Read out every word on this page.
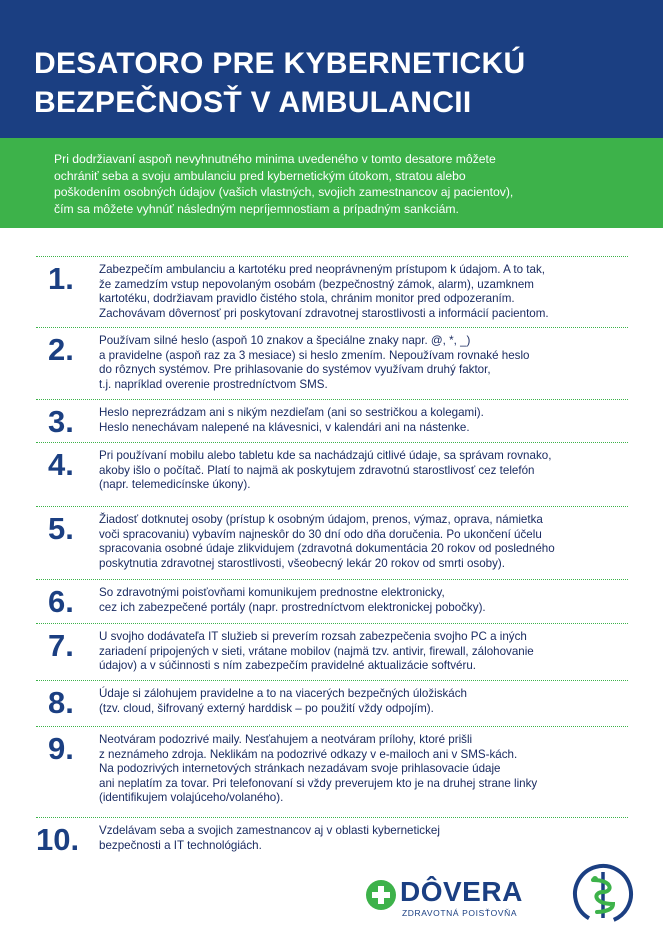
DESATORO PRE KYBERNETICKÚ
BEZPEČNOSŤ V AMBULANCII

Pri dodržiavaní aspoň nevyhnutného minima uvedeného v tomto desatore môžete
ochrániť seba a svoju ambulanciu pred kybernetickým útokom, stratou alebo
poškodením osobných údajov (vašich vlastných, svojich zamestnancov aj pacientov),
čím sa môžete vyhnúť následným nepríjemnostiam a prípadným sankciám.

1.	Zabezpečím ambulanciu a kartotéku pred neoprávneným prístupom k údajom. A to tak,
že zamedzím vstup nepovolaným osobám (bezpečnostný zámok, alarm), uzamknem
kartotéku, dodržiavam pravidlo čistého stola, chránim monitor pred odpozeraním.
Zachovávam dôvernosť pri poskytovaní zdravotnej starostlivosti a informácií pacientom.

2.	Používam silné heslo (aspoň 10 znakov a špeciálne znaky napr. @, *, _)
a pravidelne (aspoň raz za 3 mesiace) si heslo zmením. Nepoužívam rovnaké heslo
do rôznych systémov. Pre prihlasovanie do systémov využívam druhý faktor,
t.j. napríklad overenie prostredníctvom SMS.

3.	Heslo neprezrádzam ani s nikým nezdieľam (ani so sestričkou a kolegami).
Heslo nenechávam nalepené na klávesnici, v kalendári ani na nástenke.

4.	Pri používaní mobilu alebo tabletu kde sa nachádzajú citlivé údaje, sa správam rovnako,
akoby išlo o počítač. Platí to najmä ak poskytujem zdravotnú starostlivosť cez telefón
(napr. telemedicínske úkony).

5.	Žiadosť dotknutej osoby (prístup k osobným údajom, prenos, výmaz, oprava, námietka
voči spracovaniu) vybavím najneskôr do 30 dní odo dňa doručenia. Po ukončení účelu
spracovania osobné údaje zlikvidujem (zdravotná dokumentácia 20 rokov od posledného
poskytnutia zdravotnej starostlivosti, všeobecný lekár 20 rokov od smrti osoby).

6.	So zdravotnými poisťovňami komunikujem prednostne elektronicky,
cez ich zabezpečené portály (napr. prostredníctvom elektronickej pobočky).

7.	U svojho dodávateľa IT služieb si preverím rozsah zabezpečenia svojho PC a iných
zariadení pripojených v sieti, vrátane mobilov (najmä tzv. antivir, firewall, zálohovanie
údajov) a v súčinnosti s ním zabezpečím pravidelné aktualizácie softvéru.

8.	Údaje si zálohujem pravidelne a to na viacerých bezpečných úložiskách
(tzv. cloud, šifrovaný externý harddisk – po použití vždy odpojím).

9.	Neotváram podozrivé maily. Nesťahujem a neotváram prílohy, ktoré prišli
z neznámeho zdroja. Neklikám na podozrivé odkazy v e-mailoch ani v SMS-kách.
Na podozrivých internetových stránkach nezadávam svoje prihlasovacie údaje
ani neplatím za tovar. Pri telefonovaní si vždy preverujem kto je na druhej strane linky
(identifikujem volajúceho/volaného).

10.	Vzdelávam seba a svojich zamestnancov aj v oblasti kybernetickej
bezpečnosti a IT technológiách.

DÔVERA
ZDRAVOTNÁ POISŤOVŇA
